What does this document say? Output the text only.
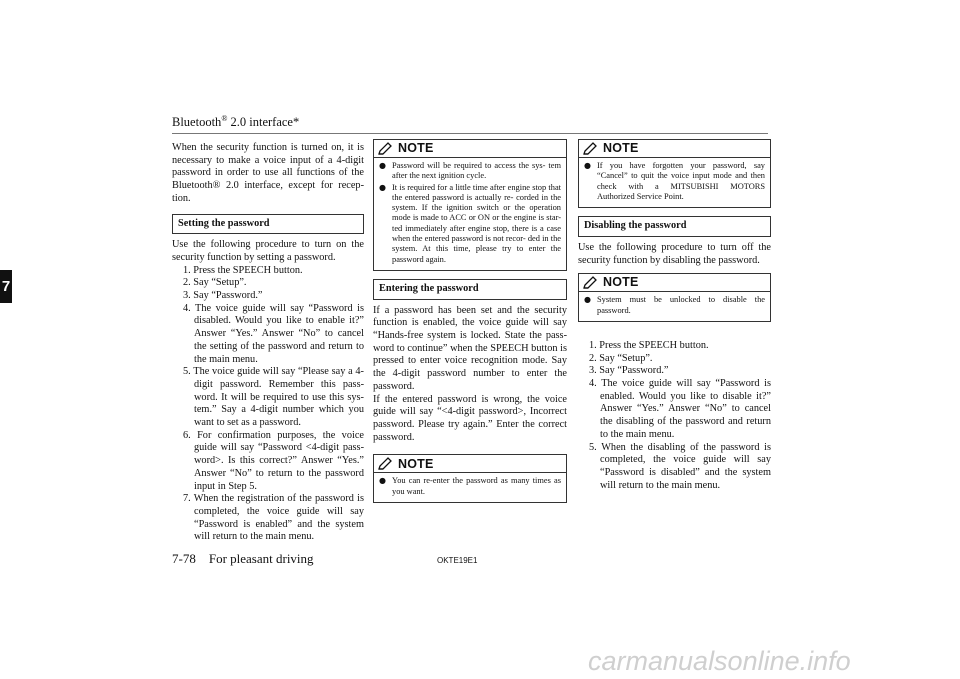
Bluetooth® 2.0 interface*
7

When the security function is turned on, it is necessary to make a voice input of a 4-digit password in order to use all functions of the Bluetooth® 2.0 interface, except for recep- tion.

Setting the password

Use the following procedure to turn on the security function by setting a password.

1. Press the SPEECH button.
2. Say “Setup”.
3. Say “Password.”
4. The voice guide will say “Password is disabled. Would you like to enable it?” Answer “Yes.” Answer “No” to cancel the setting of the password and return to the main menu.
5. The voice guide will say “Please say a 4- digit password. Remember this pass- word. It will be required to use this sys- tem.” Say a 4-digit number which you want to set as a password.
6. For confirmation purposes, the voice guide will say “Password <4-digit pass- word>. Is this correct?” Answer “Yes.” Answer “No” to return to the password input in Step 5.
7. When the registration of the password is completed, the voice guide will say “Password is enabled” and the system will return to the main menu.
NOTE
● Password will be required to access the sys- tem after the next ignition cycle.
● It is required for a little time after engine stop that the entered password is actually re- corded in the system. If the ignition switch or the operation mode is made to ACC or ON or the engine is star- ted immediately after engine stop, there is a case when the entered password is not recor- ded in the system. At this time, please try to enter the password again.
Entering the password

If a password has been set and the security function is enabled, the voice guide will say “Hands-free system is locked. State the pass- word to continue” when the SPEECH button is pressed to enter voice recognition mode. Say the 4-digit password number to enter the password.

If the entered password is wrong, the voice guide will say “<4-digit password>, Incorrect password. Please try again.” Enter the correct password.

NOTE
● You can re-enter the password as many times as you want.
NOTE
● If you have forgotten your password, say “Cancel” to quit the voice input mode and then check with a MITSUBISHI MOTORS Authorized Service Point.
Disabling the password

Use the following procedure to turn off the security function by disabling the password.

NOTE
● System must be unlocked to disable the password.
1. Press the SPEECH button.
2. Say “Setup”.
3. Say “Password.”
4. The voice guide will say “Password is enabled. Would you like to disable it?” Answer “Yes.” Answer “No” to cancel the disabling of the password and return to the main menu.
5. When the disabling of the password is completed, the voice guide will say “Password is disabled” and the system will return to the main menu.
7-78 For pleasant driving	OKTE19E1
carmanualsonline.info
